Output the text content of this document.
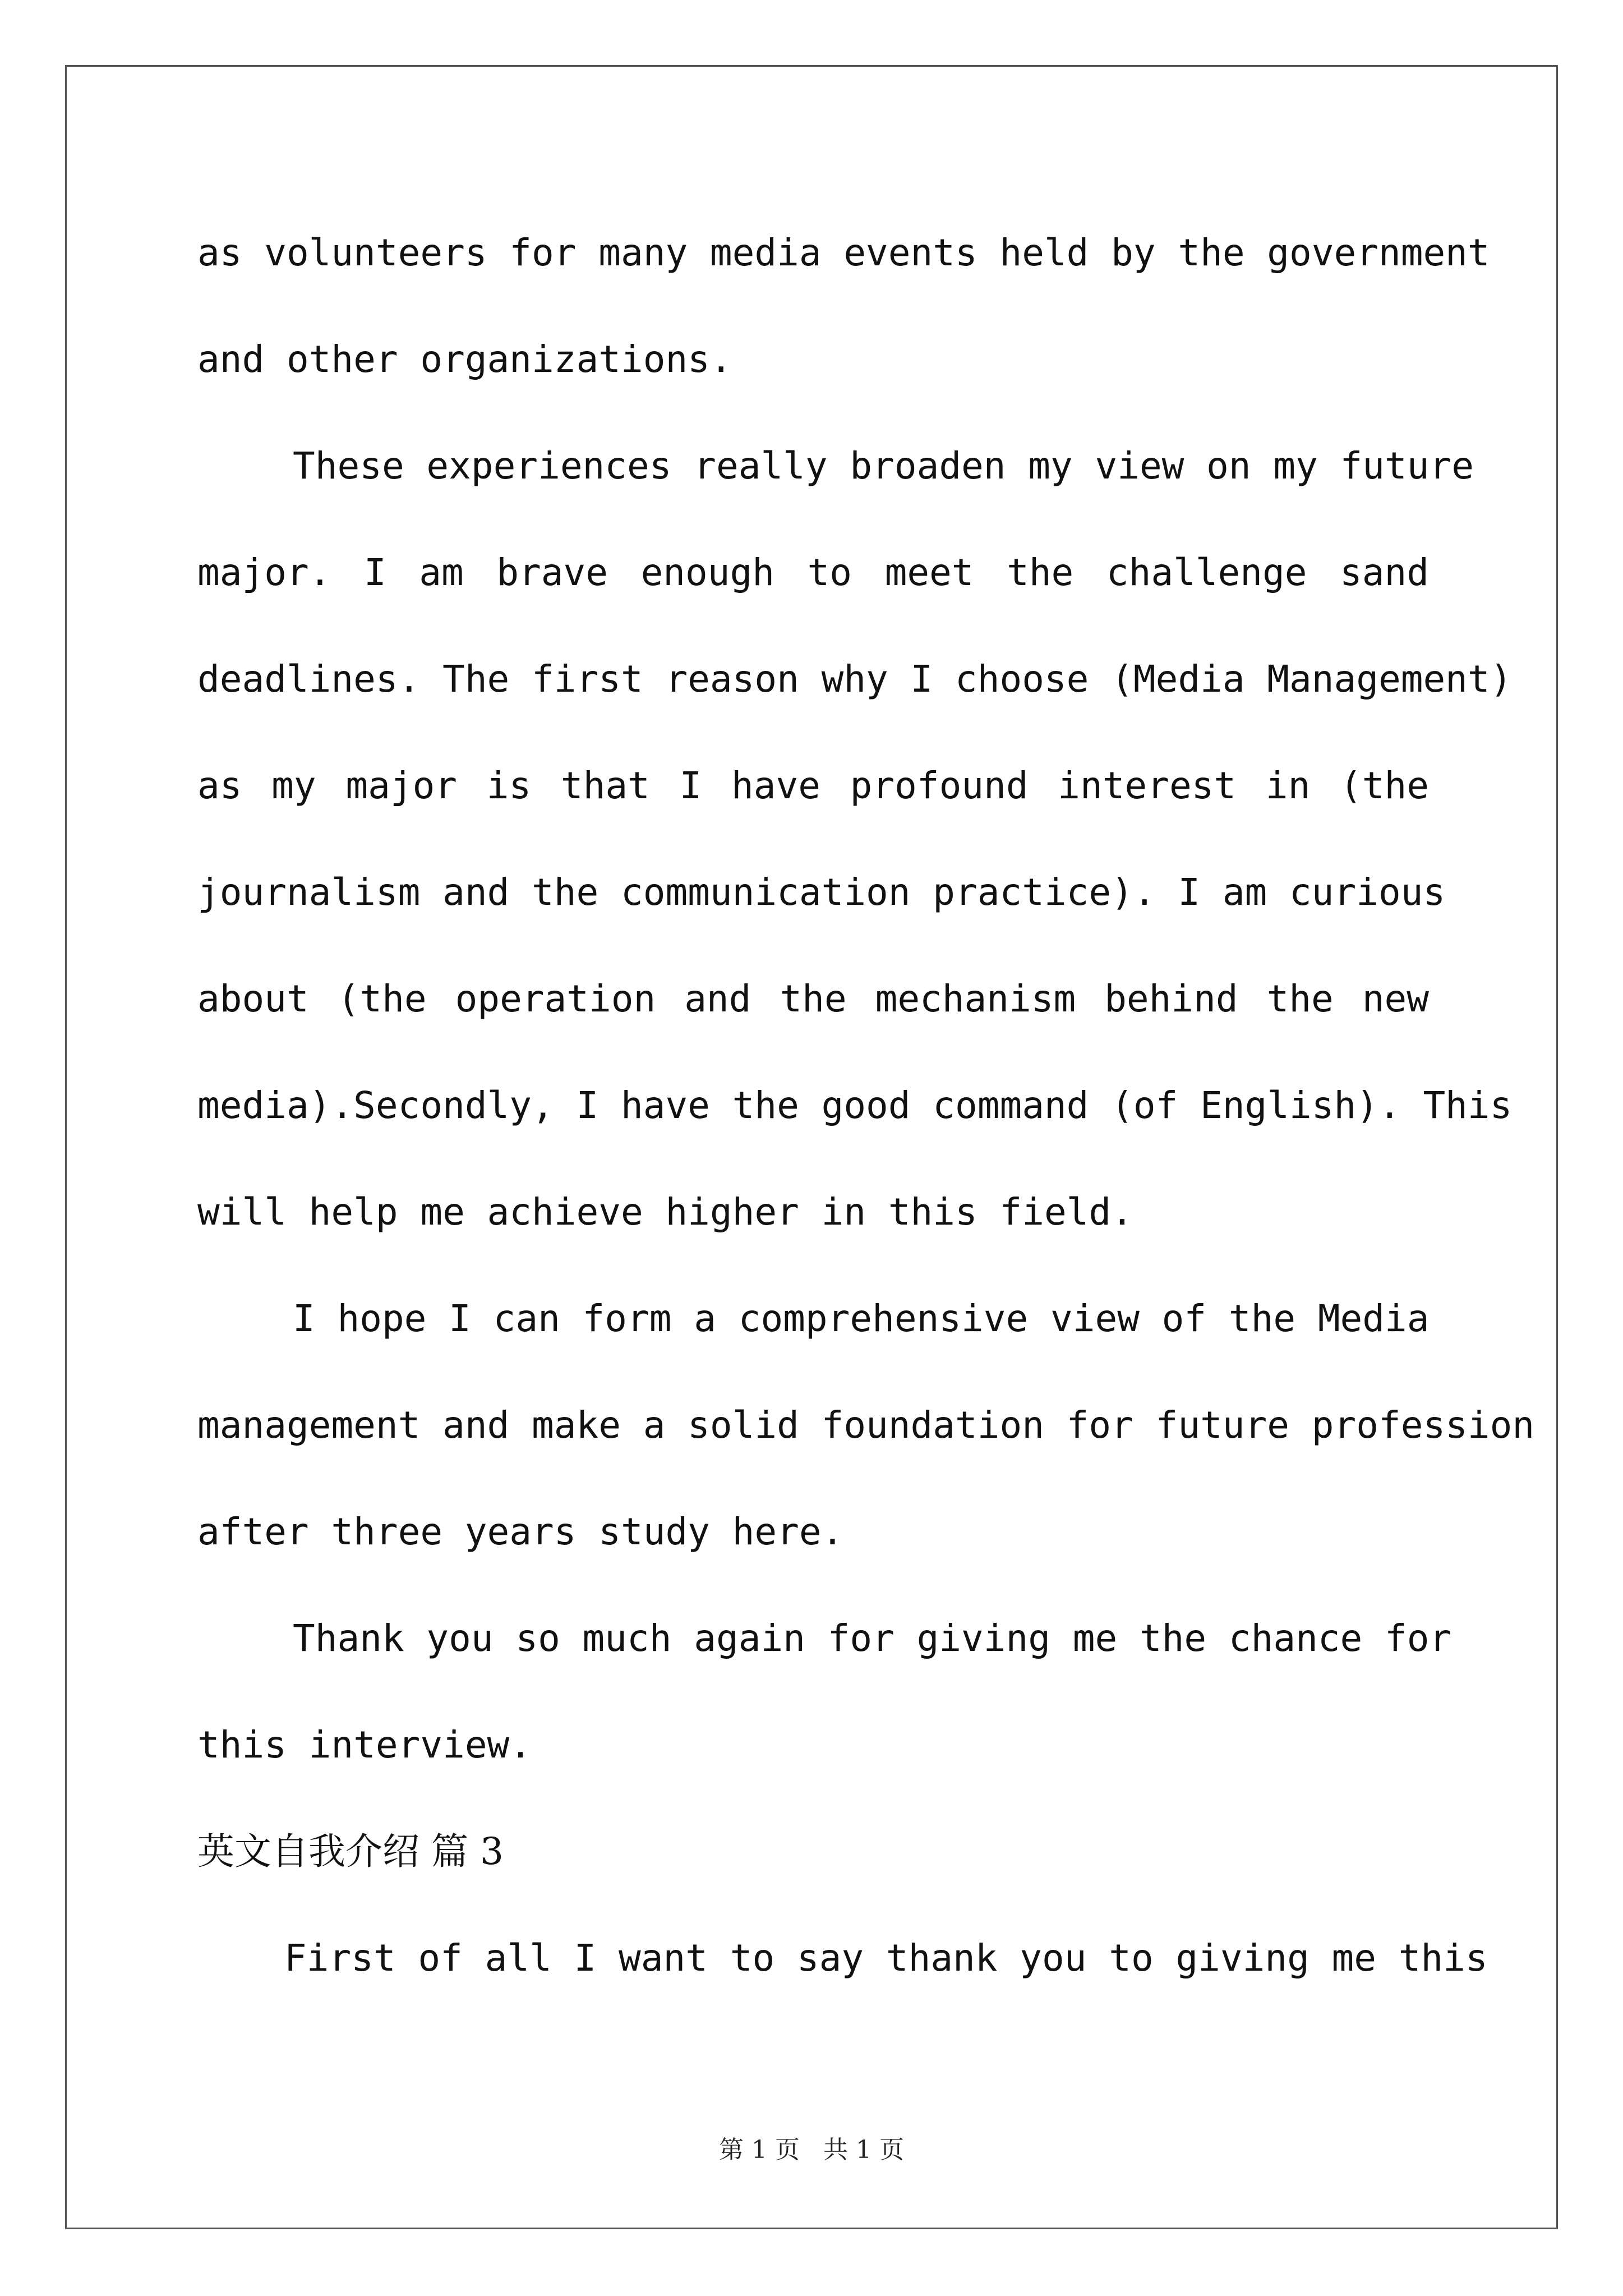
as volunteers for many media events held by the government
and other organizations.
These experiences really broaden my view on my future
major. I am brave enough to meet the challenge sand
deadlines. The first reason why I choose (Media Management)
as my major is that I have profound interest in (the
journalism and the communication practice). I am curious
about (the operation and the mechanism behind the new
media).Secondly, I have the good command (of English). This
will help me achieve higher in this field.
I hope I can form a comprehensive view of the Media
management and make a solid foundation for future profession
after three years study here.
Thank you so much again for giving me the chance for
this interview.
英文自我介绍 篇 3
First of all I want to say thank you to giving me this
第 1 页   共 1 页
